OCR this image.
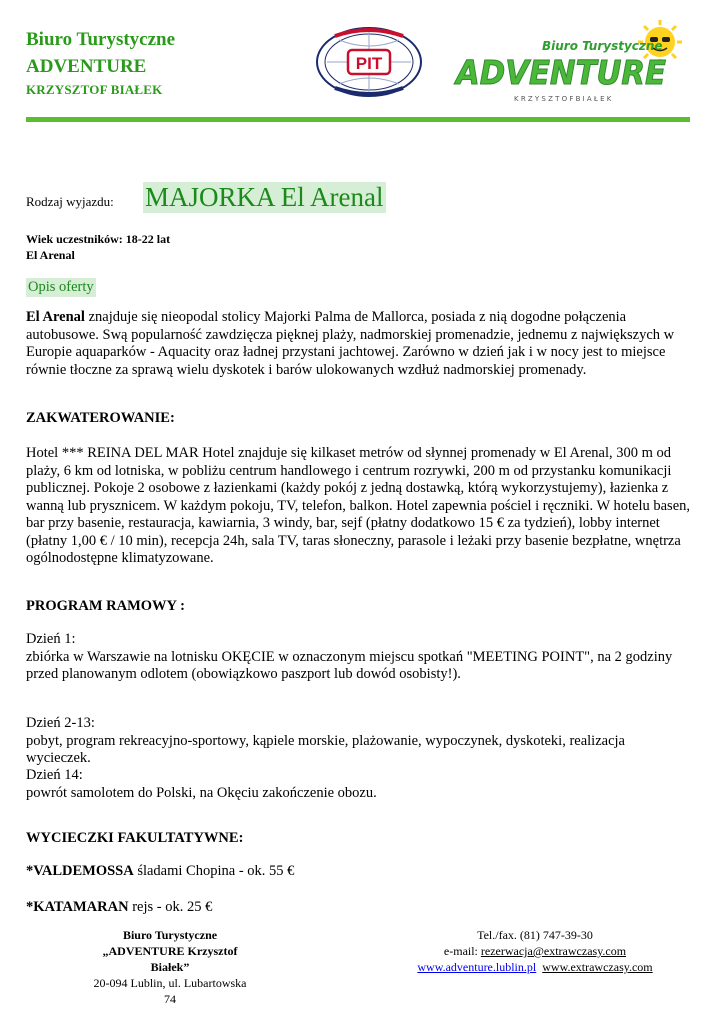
Biuro Turystyczne
ADVENTURE
KRZYSZTOF BIAŁEK
PIT
Biuro Turystyczne
ADVENTURE
K R Z Y S Z T O F B I A Ł E K
Rodzaj wyjazdu: MAJORKA El Arenal
Wiek uczestników: 18-22 lat
El Arenal
Opis oferty
El Arenal znajduje się nieopodal stolicy Majorki Palma de Mallorca, posiada z nią dogodne połączenia autobusowe. Swą popularność zawdzięcza pięknej plaży, nadmorskiej promenadzie, jednemu z największych w Europie aquaparków - Aquacity oraz ładnej przystani jachtowej. Zarówno w dzień jak i w nocy jest to miejsce równie tłoczne za sprawą wielu dyskotek i barów ulokowanych wzdłuż nadmorskiej promenady.
ZAKWATEROWANIE:
Hotel *** REINA DEL MAR Hotel znajduje się kilkaset metrów od słynnej promenady w El Arenal, 300 m od plaży, 6 km od lotniska, w pobliżu centrum handlowego i centrum rozrywki, 200 m od przystanku komunikacji publicznej. Pokoje 2 osobowe z łazienkami (każdy pokój z jedną dostawką, którą wykorzystujemy), łazienka z wanną lub prysznicem. W każdym pokoju, TV, telefon, balkon. Hotel zapewnia pościel i ręczniki. W hotelu basen, bar przy basenie, restauracja, kawiarnia, 3 windy, bar, sejf (płatny dodatkowo 15 € za tydzień), lobby internet (płatny 1,00 € / 10 min), recepcja 24h, sala TV, taras słoneczny, parasole i leżaki przy basenie bezpłatne, wnętrza ogólnodostępne klimatyzowane.
PROGRAM RAMOWY :
Dzień 1:
zbiórka w Warszawie na lotnisku OKĘCIE w oznaczonym miejscu spotkań "MEETING POINT", na 2 godziny przed planowanym odlotem (obowiązkowo paszport lub dowód osobisty!).
Dzień 2-13:
pobyt, program rekreacyjno-sportowy, kąpiele morskie, plażowanie, wypoczynek, dyskoteki, realizacja wycieczek.
Dzień 14:
powrót samolotem do Polski, na Okęciu zakończenie obozu.
WYCIECZKI FAKULTATYWNE:
*VALDEMOSSA śladami Chopina - ok. 55 €
*KATAMARAN rejs - ok. 25 €
Biuro Turystyczne
„ADVENTURE Krzysztof Białek”
20-094 Lublin, ul. Lubartowska 74
Tel./fax. (81) 747-39-30
e-mail: rezerwacja@extrawczasy.com
www.adventure.lublin.pl www.extrawczasy.com
